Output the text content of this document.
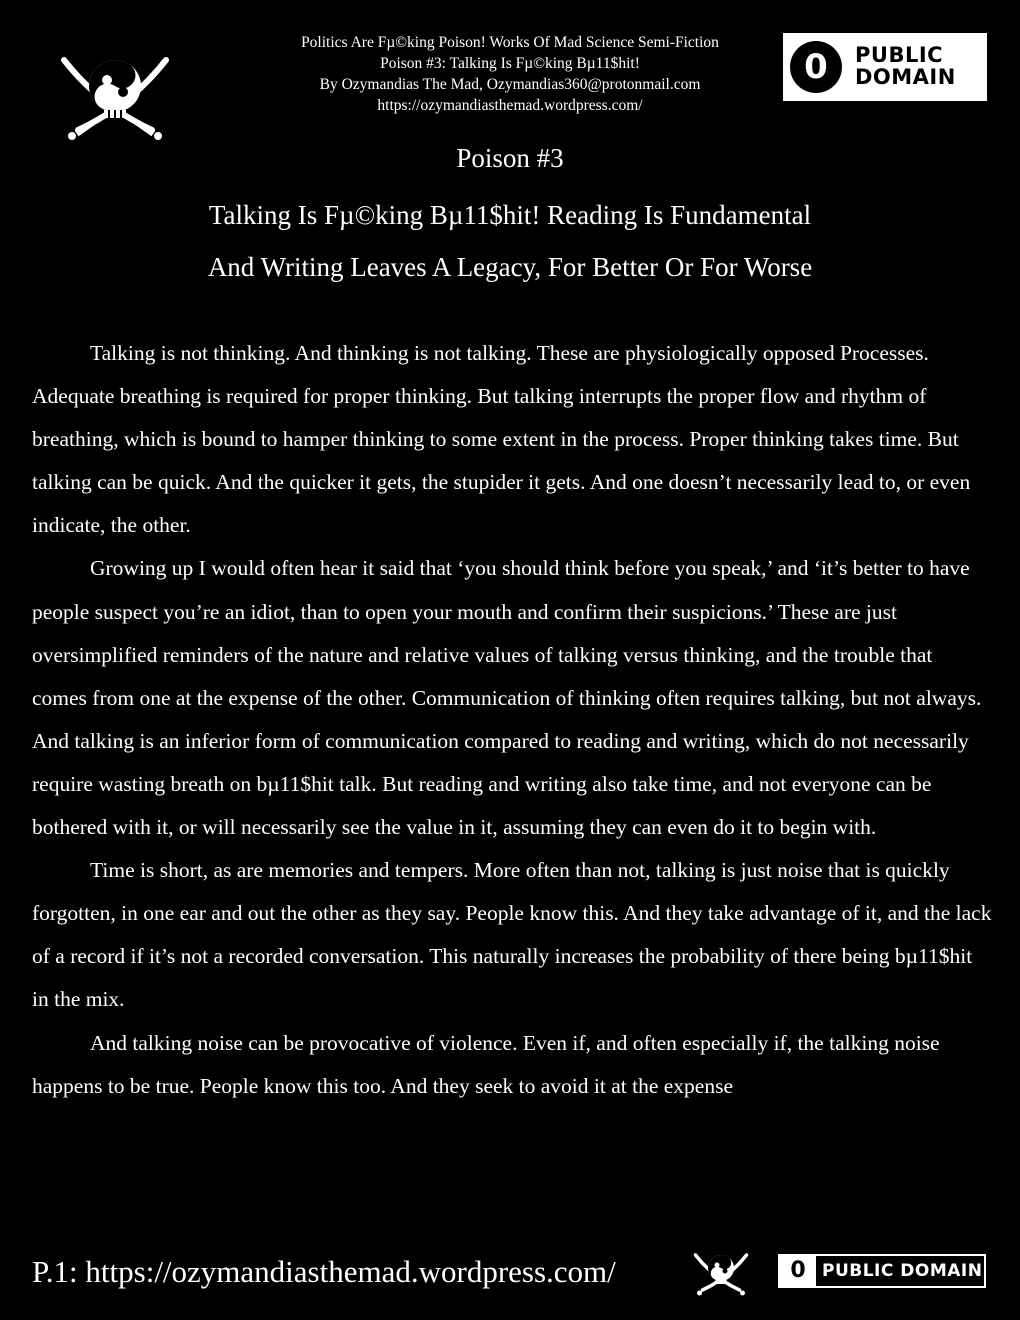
Politics Are Fµ©king Poison! Works Of Mad Science Semi-Fiction
Poison #3: Talking Is Fµ©king Bµ11$hit!
By Ozymandias The Mad, Ozymandias360@protonmail.com
https://ozymandiasthemad.wordpress.com/
0	PUBLIC
DOMAIN
Poison #3
Talking Is Fµ©king Bµ11$hit! Reading Is Fundamental
And Writing Leaves A Legacy, For Better Or For Worse

Talking is not thinking. And thinking is not talking. These are physiologically opposed Processes. Adequate breathing is required for proper thinking. But talking interrupts the proper flow and rhythm of breathing, which is bound to hamper thinking to some extent in the process. Proper thinking takes time. But talking can be quick. And the quicker it gets, the stupider it gets. And one doesn’t necessarily lead to, or even indicate, the other.

Growing up I would often hear it said that ‘you should think before you speak,’ and ‘it’s better to have people suspect you’re an idiot, than to open your mouth and confirm their suspicions.’ These are just oversimplified reminders of the nature and relative values of talking versus thinking, and the trouble that comes from one at the expense of the other. Communication of thinking often requires talking, but not always. And talking is an inferior form of communication compared to reading and writing, which do not necessarily require wasting breath on bµ11$hit talk. But reading and writing also take time, and not everyone can be bothered with it, or will necessarily see the value in it, assuming they can even do it to begin with.

Time is short, as are memories and tempers. More often than not, talking is just noise that is quickly forgotten, in one ear and out the other as they say. People know this. And they take advantage of it, and the lack of a record if it’s not a recorded conversation. This naturally increases the probability of there being bµ11$hit in the mix.

And talking noise can be provocative of violence. Even if, and often especially if, the talking noise happens to be true. People know this too. And they seek to avoid it at the expense

P.1: https://ozymandiasthemad.wordpress.com/	0 PUBLIC DOMAIN
